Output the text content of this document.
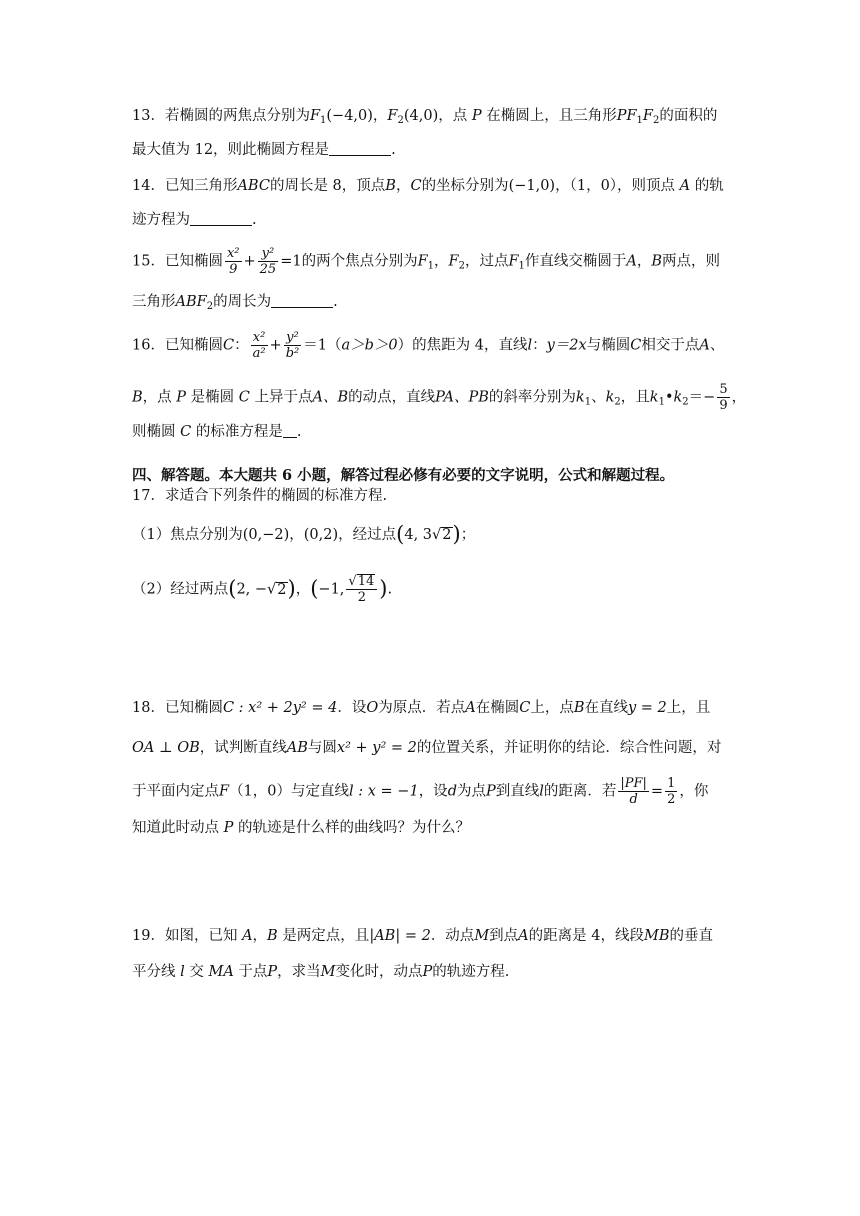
13．若椭圆的两焦点分别为$F_1(-4,0)$，$F_2(4,0)$，点 P 在椭圆上，且三角形$PF_1F_2$的面积的
最大值为 12，则此椭圆方程是	.
14．已知三角形ABC的周长是 8，顶点B，C的坐标分别为(−1,0)，（1，0），则顶点 A 的轨
迹方程为	.
15．已知椭圆 $\frac{\text{x²}}{9} + \frac{\text{y²}}{25} =1$的两个焦点分别为$F_1$，$F_2$，过点$F_1$作直线交椭圆于A，B两点，则
三角形$ABF_2$的周长为	.
16．已知椭圆C： $\frac{\text{x²}}{\text{a²}} + \frac{\text{y²}}{\text{b²}} =1(a>b>0)$的焦距为 4，直线l：y＝2x与椭圆C相交于点A、
B，点 P 是椭圆 C 上异于点A、B的动点，直线PA、PB的斜率分别为$k_1$、$k_2$，且$k_1•k_2=- \frac{5}{9}$ ，
则椭圆 C 的标准方程是 .
四、解答题。本大题共 6 小题，解答过程必修有必要的文字说明，公式和解题过程。
17．求适合下列条件的椭圆的标准方程.
（1）焦点分别为(0,−2)，(0,2)，经过点(4, 3√2)；
（2）经过两点(2, −√2)，(−1, $\frac{√14}{2}$ ).
18．已知椭圆C : x² + 2y² = 4．设O为原点．若点A在椭圆C上，点B在直线y = 2上，且
OA ⊥ OB，试判断直线AB与圆x² + y² = 2的位置关系，并证明你的结论．综合性问题，对
于平面内定点F（1，0）与定直线l : x = −1，设d为点P到直线l的距离．若 $\frac{|PF|}{d} = \frac{1}{2}$ ，你
知道此时动点 P 的轨迹是什么样的曲线吗？为什么？
19．如图，已知 A，B 是两定点，且|AB| = 2．动点M到点A的距离是 4，线段MB的垂直
平分线 l 交 MA 于点P，求当M变化时，动点P的轨迹方程.
